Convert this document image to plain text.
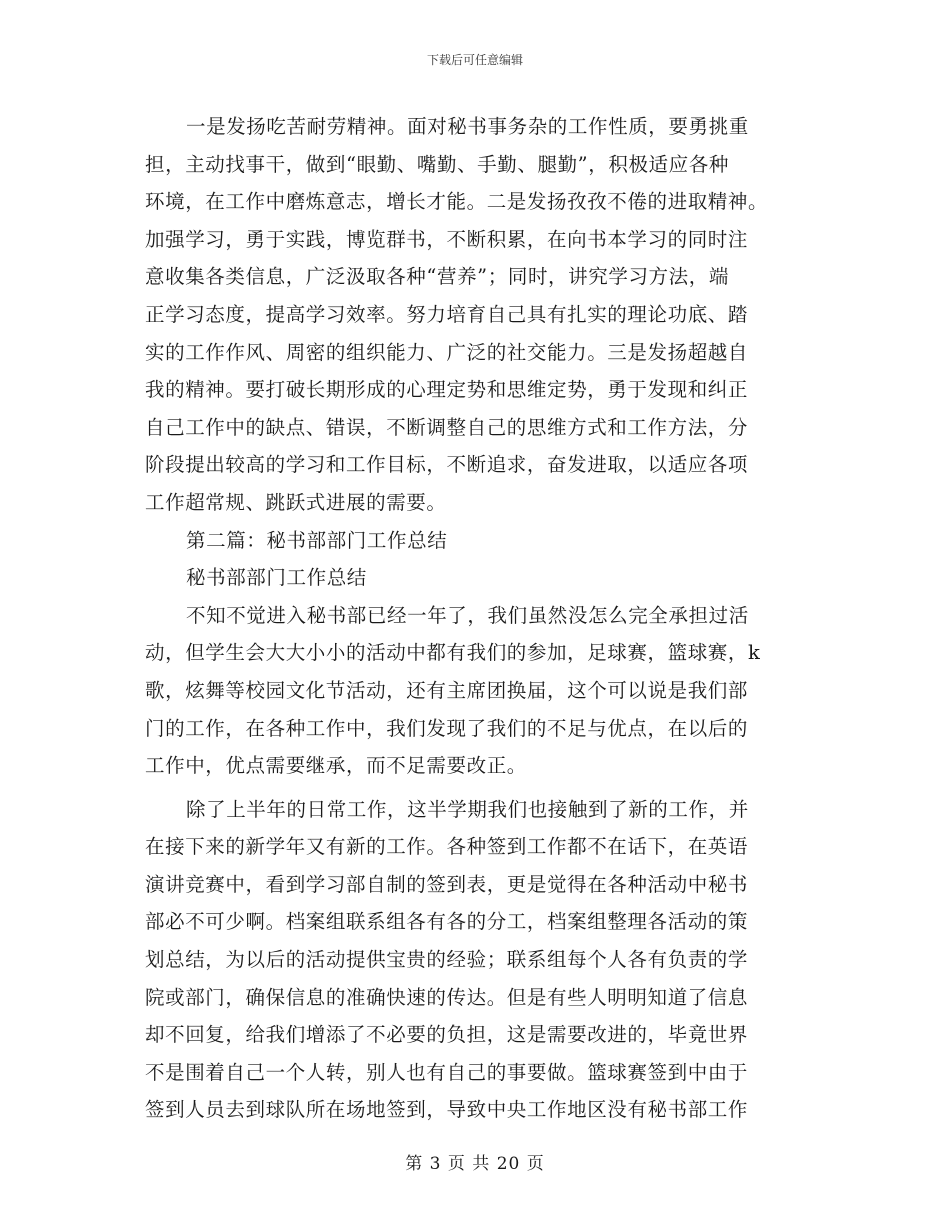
下载后可任意编辑
一是发扬吃苦耐劳精神。面对秘书事务杂的工作性质，要勇挑重
担，主动找事干，做到“眼勤、嘴勤、手勤、腿勤”，积极适应各种
环境，在工作中磨炼意志，增长才能。二是发扬孜孜不倦的进取精神。
加强学习，勇于实践，博览群书，不断积累，在向书本学习的同时注
意收集各类信息，广泛汲取各种“营养”；同时，讲究学习方法，端
正学习态度，提高学习效率。努力培育自己具有扎实的理论功底、踏
实的工作作风、周密的组织能力、广泛的社交能力。三是发扬超越自
我的精神。要打破长期形成的心理定势和思维定势，勇于发现和纠正
自己工作中的缺点、错误，不断调整自己的思维方式和工作方法，分
阶段提出较高的学习和工作目标，不断追求，奋发进取，以适应各项
工作超常规、跳跃式进展的需要。
第二篇：秘书部部门工作总结
秘书部部门工作总结
不知不觉进入秘书部已经一年了，我们虽然没怎么完全承担过活
动，但学生会大大小小的活动中都有我们的参加，足球赛，篮球赛，k
歌，炫舞等校园文化节活动，还有主席团换届，这个可以说是我们部
门的工作，在各种工作中，我们发现了我们的不足与优点，在以后的
工作中，优点需要继承，而不足需要改正。
除了上半年的日常工作，这半学期我们也接触到了新的工作，并
在接下来的新学年又有新的工作。各种签到工作都不在话下，在英语
演讲竞赛中，看到学习部自制的签到表，更是觉得在各种活动中秘书
部必不可少啊。档案组联系组各有各的分工，档案组整理各活动的策
划总结，为以后的活动提供宝贵的经验；联系组每个人各有负责的学
院或部门，确保信息的准确快速的传达。但是有些人明明知道了信息
却不回复，给我们增添了不必要的负担，这是需要改进的，毕竟世界
不是围着自己一个人转，别人也有自己的事要做。篮球赛签到中由于
签到人员去到球队所在场地签到，导致中央工作地区没有秘书部工作
第 3 页 共 20 页
